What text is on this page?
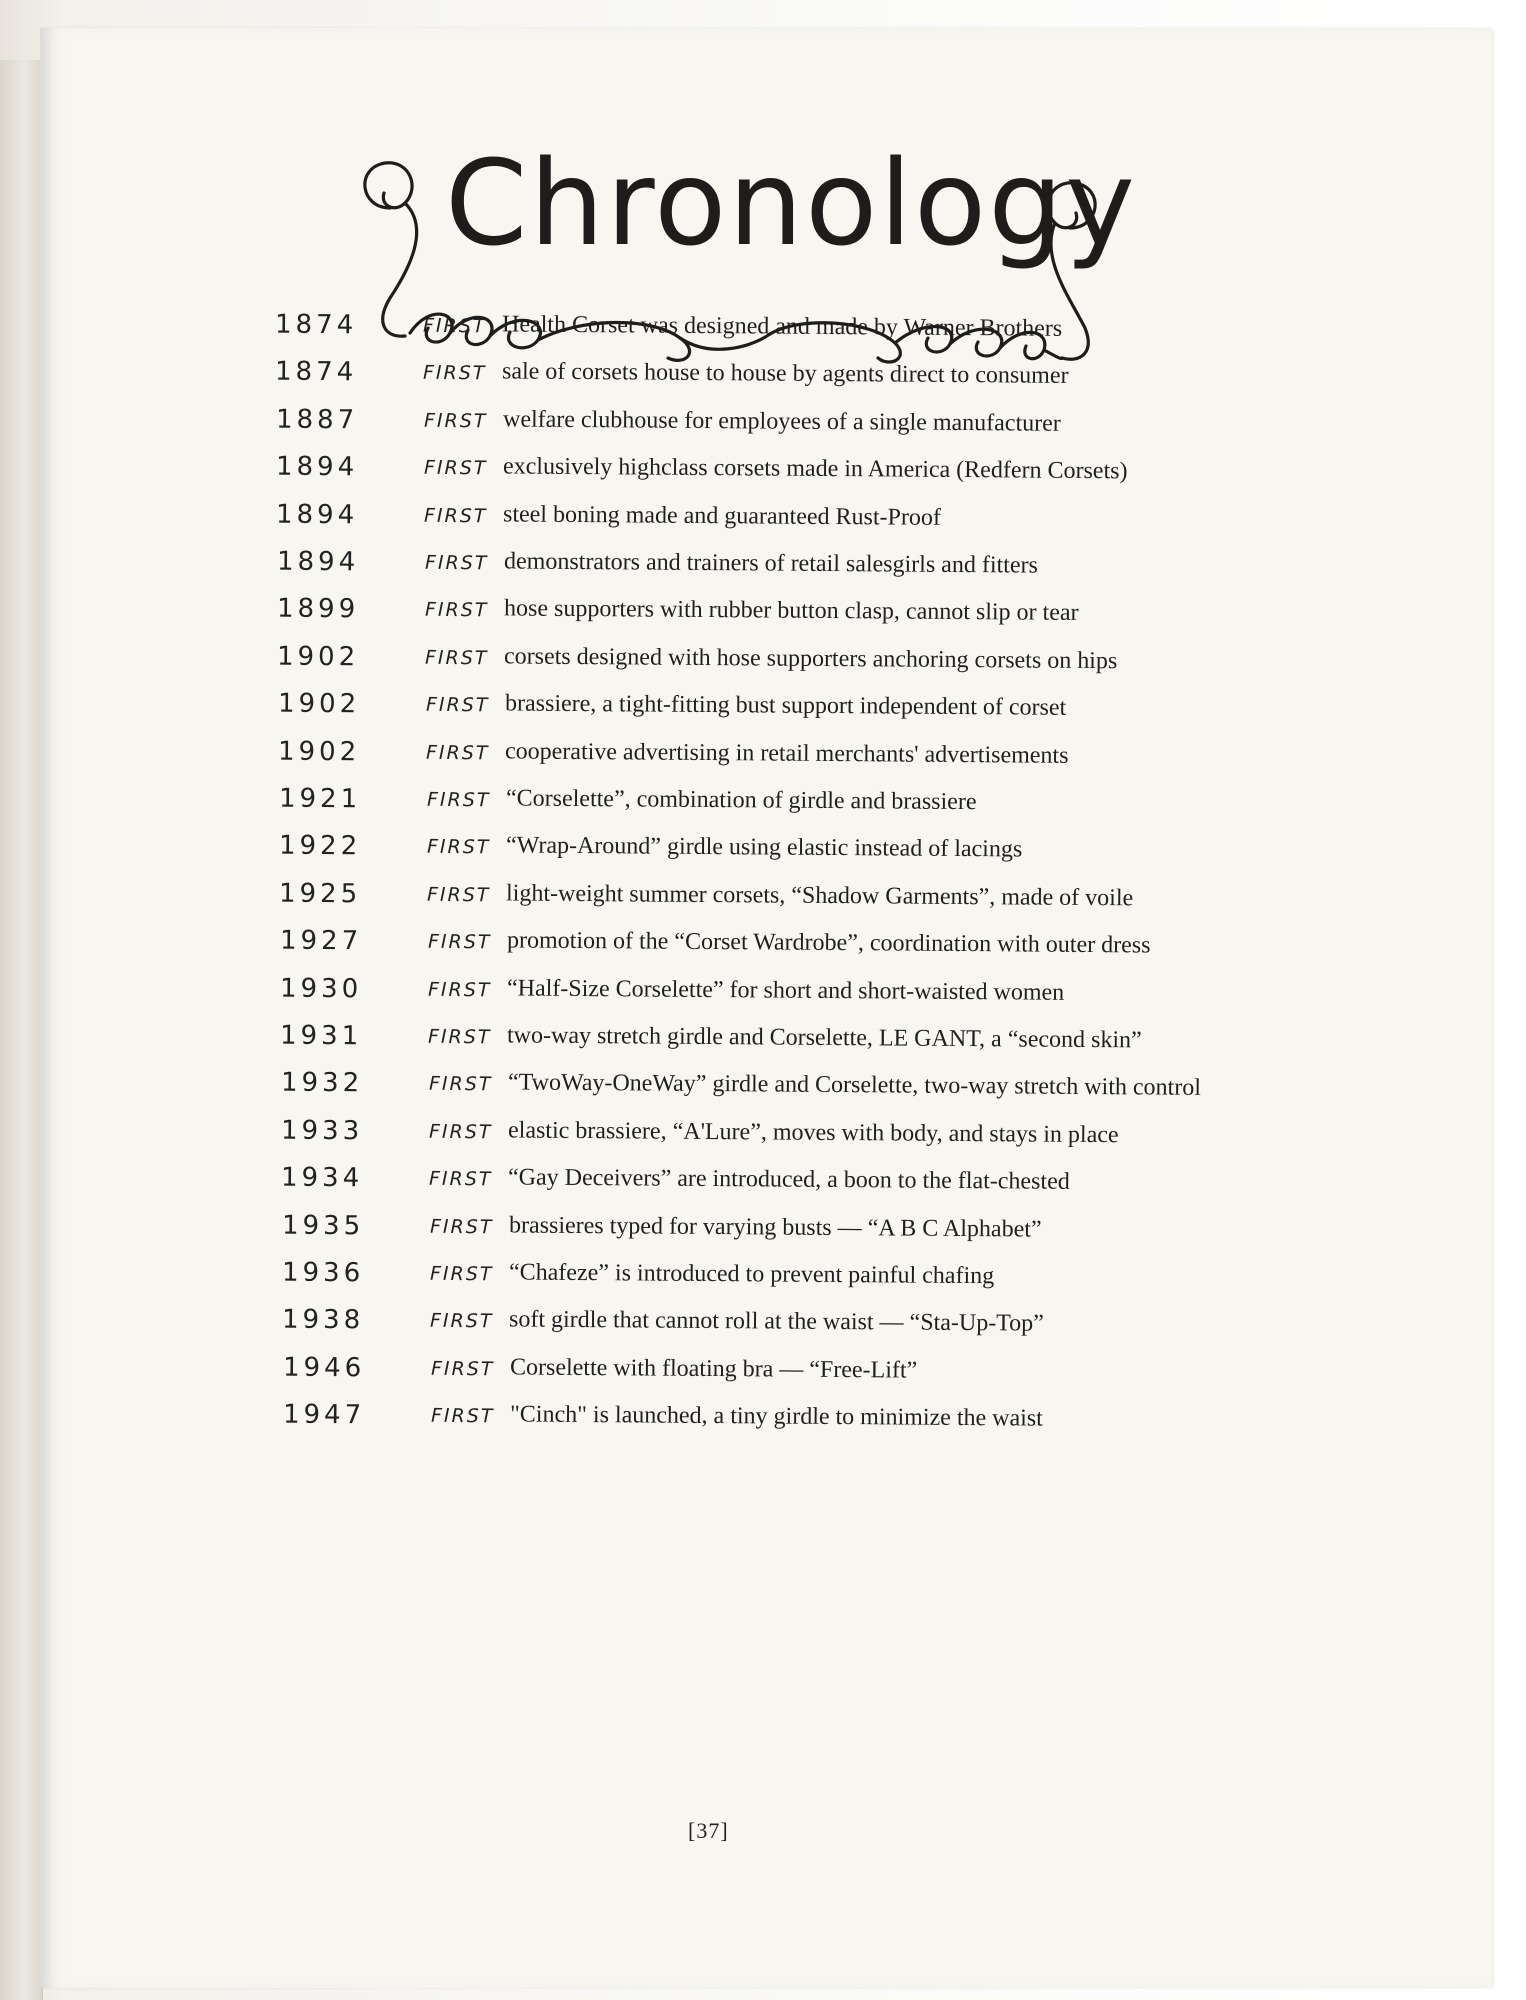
Chronology
1874	FIRST Health Corset was designed and made by Warner Brothers
1874	FIRST sale of corsets house to house by agents direct to consumer
1887	FIRST welfare clubhouse for employees of a single manufacturer
1894	FIRST exclusively highclass corsets made in America (Redfern Corsets)
1894	FIRST steel boning made and guaranteed Rust-Proof
1894	FIRST demonstrators and trainers of retail salesgirls and fitters
1899	FIRST hose supporters with rubber button clasp, cannot slip or tear
1902	FIRST corsets designed with hose supporters anchoring corsets on hips
1902	FIRST brassiere, a tight-fitting bust support independent of corset
1902	FIRST cooperative advertising in retail merchants' advertisements
1921	FIRST “Corselette”, combination of girdle and brassiere
1922	FIRST “Wrap-Around” girdle using elastic instead of lacings
1925	FIRST light-weight summer corsets, “Shadow Garments”, made of voile
1927	FIRST promotion of the “Corset Wardrobe”, coordination with outer dress
1930	FIRST “Half-Size Corselette” for short and short-waisted women
1931	FIRST two-way stretch girdle and Corselette, LE GANT, a “second skin”
1932	FIRST “TwoWay-OneWay” girdle and Corselette, two-way stretch with control
1933	FIRST elastic brassiere, “A'Lure”, moves with body, and stays in place
1934	FIRST “Gay Deceivers” are introduced, a boon to the flat-chested
1935	FIRST brassieres typed for varying busts — “A B C Alphabet”
1936	FIRST “Chafeze” is introduced to prevent painful chafing
1938	FIRST soft girdle that cannot roll at the waist — “Sta-Up-Top”
1946	FIRST Corselette with floating bra — “Free-Lift”
1947	FIRST "Cinch" is launched, a tiny girdle to minimize the waist
[37]
